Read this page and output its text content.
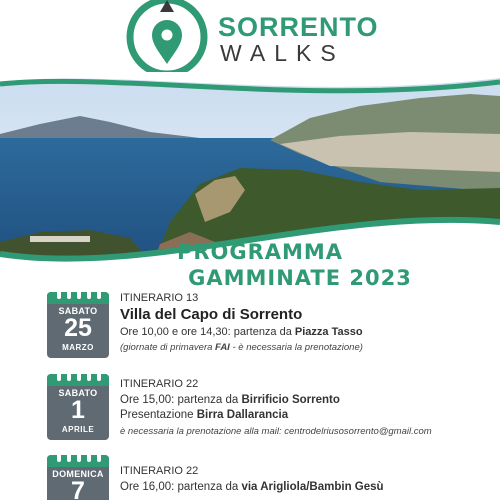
SORRENTO
WALKS
PROGRAMMA
GAMMINATE 2023
SABATO
25
MARZO
ITINERARIO 13
Villa del Capo di Sorrento
Ore 10,00 e ore 14,30: partenza da Piazza Tasso
(giornate di primavera FAI - è necessaria la prenotazione)
SABATO
1
APRILE
ITINERARIO 22
Ore 15,00: partenza da Birrificio Sorrento
Presentazione Birra Dallarancia
è necessaria la prenotazione alla mail: centrodelriusosorrento@gmail.com
DOMENICA
7
ITINERARIO 22
Ore 16,00: partenza da via Arigliola/Bambin Gesù
